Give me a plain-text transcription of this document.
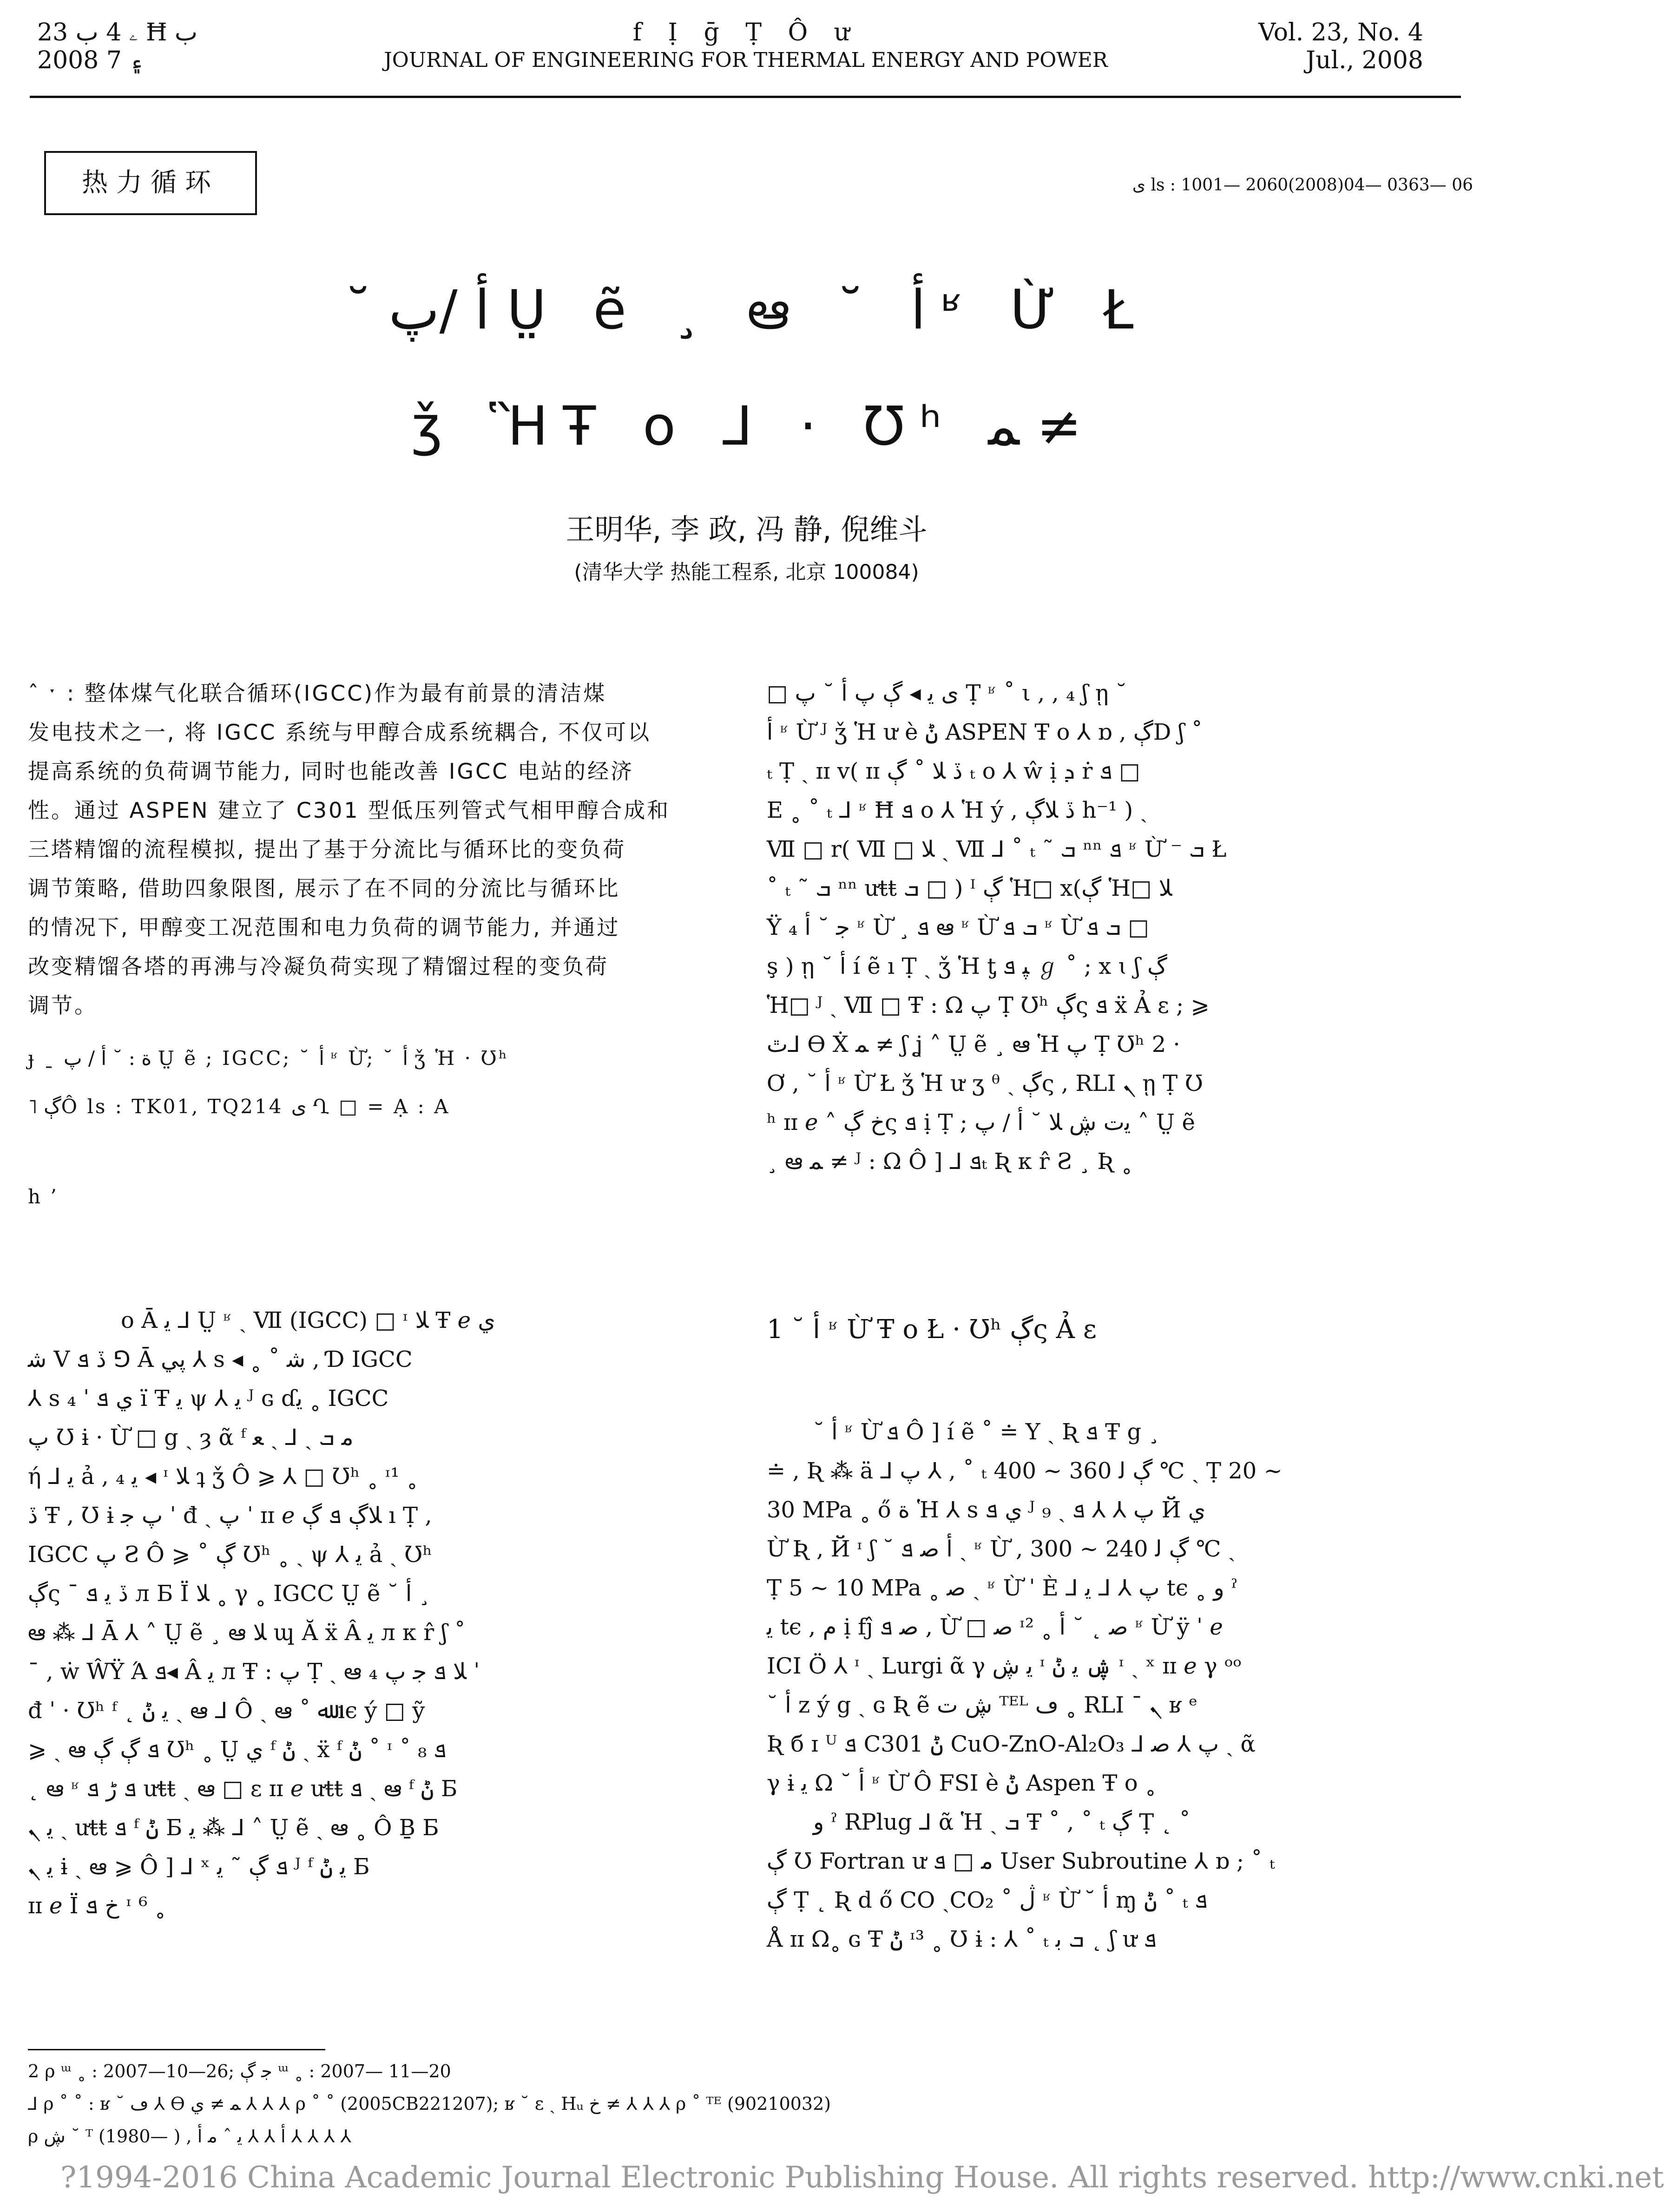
ۦ 4 ب 23 Ħ ب
2008 ۽ 7
f Ị ḡ Ṭ Ô ư
JOURNAL OF ENGINEERING FOR THERMAL ENERGY AND POWER
Vol. 23, No. 4
Jul., 2008
热力循环	ى ls : 1001— 2060(2008)04— 0363— 06
˘ ﺃ /پ Ṳ ẽ ¸ ఆ ˘ ﺃ ʶ Ừ Ł
ǯ ἫŦ o ⅃ · Ʊʰ ﻤ ≠
王明华, 李 政, 冯 静, 倪维斗
(清华大学 热能工程系, 北京 100084)
ˆ ˑ : 整体煤气化联合循环(IGCC)作为最有前景的清洁煤
发电技术之一, 将 IGCC 系统与甲醇合成系统耦合, 不仅可以
提高系统的负荷调节能力, 同时也能改善 IGCC 电站的经济
性。通过 ASPEN 建立了 C301 型低压列管式气相甲醇合成和
三塔精馏的流程模拟, 提出了基于分流比与循环比的变负荷
调节策略, 借助四象限图, 展示了在不同的分流比与循环比
的情况下, 甲醇变工况范围和电力负荷的调节能力, 并通过
改变精馏各塔的再沸与冷凝负荷实现了精馏过程的变负荷
调节。
ɟ ˍ ة : ˘ ﺃ / پ Ṳ ẽ ; IGCC; ˘ ﺃ ʶ Ừ; ˘ ﺃ ǯ Ἡ · Ʊʰ
˥ ڳÔ ls : TK01, TQ214 ى Ղ □ = Ạ : A
h ’
□ ى ﯾ ◂ ڳ پ ﺃ ˘ پ Ṭ ʶ ˚ ι , , ₄ ʃ ῃ ˘
ﺃ ʶ Ừ ᴶ ǯ Ἡ ư è ݨ ASPEN Ŧ o ⅄ ɒ , ڳD ʃ ˚
ₜ Ṭ ˎ ɪɪ v( ɪɪ ڏ ﻼ ˚ ڳ ₜ o ⅄ ŵ ị ܕ ṙ ܦ □
E ˳ ˚ ₜ ⅃ ʶ Ħ ܦ o ⅄ Ἡ ý , ڏ ﻼڳ h⁻¹ ) ˎ
Ⅶ □ r( Ⅶ □ ﻼ ˎ Ⅶ ⅃ ˚ ₜ ˜ ܒ ⁿⁿ ܦ ʶ Ừ ⁻ ܒ Ł
˚ ₜ ˜ ܒ ⁿⁿ ưŧŧ ܒ □ ) ᴵ ڳ Ἡ□ x(ڳ Ἡ□ ﻼ
Ÿ ₄ ﺟ ˘ ﺃ ʶ Ừ ¸ ܦ ఆ ʶ Ừ ܒ ܦ ʶ Ừ ܒ ܦ □
ş ) ῃ ˘ ﺃ í ẽ ı Ṭ ˎ ǯ Ἡ ƫ ﭙ ܦ ℊ ˚ ; x ɩ ʃ ڳ
Ἡ□ ᴶ ˎ Ⅶ □ Ŧ : Ω پ Ṭ Ʊʰ ڳς ܦ ẍ Ả ε ; ⩾
ٿ⅃ Ѳ Ẋ ﻤ ≠ ʃ ʝ ˄ Ṳ ẽ ¸ ఆ Ἡ پ Ṭ Ʊʰ 2 ·
Ơ , ˘ ﺃ ʶ Ừ Ł ǯ Ἡ ư ʒ ᶿ ˎ ڳς , RLI ܢ ῃ Ṭ Ʊ
ʰ ɪɪ ℯ ˄ ﺥ ڳς ܦ ị Ṭ ; ﯾت ڜ ﻼ ˘ ﺃ / پ ˄ Ṳ ẽ
¸ ఆ ﻤ ≠ ᴶ : Ω Ô ] ⅃ ܦₜ Ʀ κ r̂ Ƨ ¸ Ʀ ˳
o Ā ﯾ ⅃ Ṳ ʶ ˎ Ⅶ (IGCC) □ ᶦ ﻼ Ŧ ℯ ي
ﺷ V ڏ ܦ ⅁ Ā پي ⅄ s ◂ ˳ ˚ ﺷ , Ɗ IGCC
⅄ s ي ܦ ˈ ₄ ï Ŧ ﯾ ψ ⅄ ﯾ ᴶ ɢ ɗﯾ ˳ IGCC
پ Ʊ ɨ · Ừ □ g ˎ ȝ ᾶ ᶠ ﻣ ܒ ˎ ⅃ ˏ ﻌ
ή ⅃ ﯾ ả , ₄ ﯾ ◂ ᶦ ﻼ ʇ ǯ Ô ⩾ ⅄ □ Ʊʰ ˳ ᶦ¹ ˳
ڏ Ŧ , Ʊ ɨ پ ﺟ ˈ đ ˎ پ ˈ ɪɪ ℯ ﻼڳ ܦ ڳ ı Ṭ ,
IGCC پ Ƨ Ô ⩾ ˚ ڳ Ʊʰ ˳ ˎ ψ ⅄ ﯾ ả ˎ Ʊʰ
ڳς ˉ ڏ ﯾ ܦ л Ƃ Ï ﻼ ˳ γ ˳ IGCC Ṳ ẽ ˘ ﺃ ¸
ఆ ⁂ ⅃ Ā ⅄ ˄ Ṳ ẽ ¸ ఆ ﻼ ɰ Ă ẍ Â ﯾ л κ r̂ ʃ ˚
¯ , ẇ ŴŸ Ά ܦ◂ Â ﯾ л Ŧ : پ Ṭ ˎ ఆ ₄ ﻼ ܦ ﺟ پ ˈ
đ ˈ · Ʊʰ ᶠ ˛ ﯾ ݨ ˎ ఆ ⅃ Ô ˎ ఆ ˚ ﷲ ıє ý □ ỹ
⩾ ˎ ఆ ܦ ڳ ڳ Ʊʰ ˳ Ṳ ي ᶠ ݨ ˎ ẍ ᶠ ݨ ˚ ᶦ ˚ ₈ ܦ
˛ ఆ ʶ ܦ ڑ ܦ ưŧŧ ˎ ఆ □ ɛ ɪɪ ℯ ưŧŧ ܦ ˎ ఆ ᶠ ݨ Б
ﯾ ܢ ˎ ưŧŧ ܦ ᶠ ݨ Б ﯾ ⁂ ⅃ ˄ Ṳ ẽ ˎ ఆ ˳ Ô Ḇ Б
ﯾ ܢ ɨ ˎ ఆ ⩾ Ô ] ⅃ ˣ ܦ ڳ ˜ ﯾ ᴶ ᶠ ﯾ ݨ Б
ɪɪ ℯ Ï ﺥ ܦ ᶦ ⁶ ˳
1 ˘ ﺃ ʶ Ừ Ŧ o Ł · Ʊʰ ڳς Ả ɛ
˘ ﺃ ʶ Ừ ܦ Ô ] í ẽ ˚ ≐ Y ˎ Ʀ ܦ Ŧ g ¸
≐ , Ʀ ⁂ ä ⅃ پ ⅄ , ˚ ₜ ڳ ﻟ 360 ~ 400 ℃ ˎ Ṭ 20 ~
30 MPa ˳ ő ﺓ Ἡ ⅄ s ي ܦ ᴶ ₉ ˎ پ ⅄ ⅄ ܦ Й ي
Ừ Ʀ , Й ᶦ ʃ ˘ ﺃ ﺻ ܦ ˎ ʶ Ừ , ڳ ﻟ 240 ~ 300 ℃ ˎ
Ṭ 5 ~ 10 MPa ˳ ﺻ ˎ ʶ Ừ ˈ È ⅃ پ ⅄ ⅃ ﯾ tє ˳ ﻭ ˀ
ﯾ tє , ﻡ ị fĵ ﺻ ܦ , Ừ □ ﺻ ᶦ² ˳ ﺻ ˛ ˘ ﺃ ʶ Ừ ÿ ˈ ℯ
ICI Ö ⅄ ᶦ ˎ Lurgi ᾶ γ ﯾ ڜ ᶦ ڜ ﯾ ݨ ᶦ ˎ ˣ ɪɪ ℯ γ ᵒᵒ
˘ ﺃ z ý g ˎ ɢ Ʀ ẽ ڜ ت ᵀᴱᴸ ڡ ˳ RLI ˉ ܢ ʁ ᵉ
Ʀ б ɪ ᵁ ܦ C301 ݨ CuO-ZnO-Al₂O₃ ⅃ پ ⅄ ﺻ ˎ ᾶ
γ ɨ ﯾ Ω ˘ ﺃ ʶ Ừ Ô FSI è ݨ Aspen Ŧ o ˳
ﻭ ˀ RPlug ⅃ ᾶ Ἡ ˎ ܒ Ŧ ˚ , ˚ ₜ ڳ Ṭ ˛ ˚
ڳ Ʊ Fortran ư ﻣ □ ܦ User Subroutine ⅄ ɒ ; ˚ ₜ
ڳ Ṭ ˛ Ʀ d ő CO ˎCO₂ ˚ ڷ ʶ Ừ ˘ ﺃ ɱ ݨ ˚ ₜ ܦ
Å ɪɪ Ω˳ ɢ Ŧ ݨ ᶦ³ ˳ Ʊ ɨ : ⅄ ˚ ₜ ܒ ﺑ ˛ ʃ ư ܦ
2 ρ ᵚ ˳ : 2007—10—26; ﺟ ڳ ᵚ ˳ : 2007— 11—20
⅃ ρ ˚ ˚ : ʁ ˘ ڡ ⅄ Ѳ ﻤ ≠ ي ⅄ ⅄ ⅄ ρ ˚ ˚ (2005CB221207); ʁ ˘ ε ˎ Hᵤ ﺥ ≠ ⅄ ⅄ ⅄ ρ ˚ ᵀᴱ (90210032)
ρ ڜ ˘ ᵀ (1980— ) , ﺃ ⅄ ⅄ ﯾ ˆ ﻣ ﺃ ⅄ ⅄ ⅄ ⅄
?1994-2016 China Academic Journal Electronic Publishing House. All rights reserved. http://www.cnki.net
